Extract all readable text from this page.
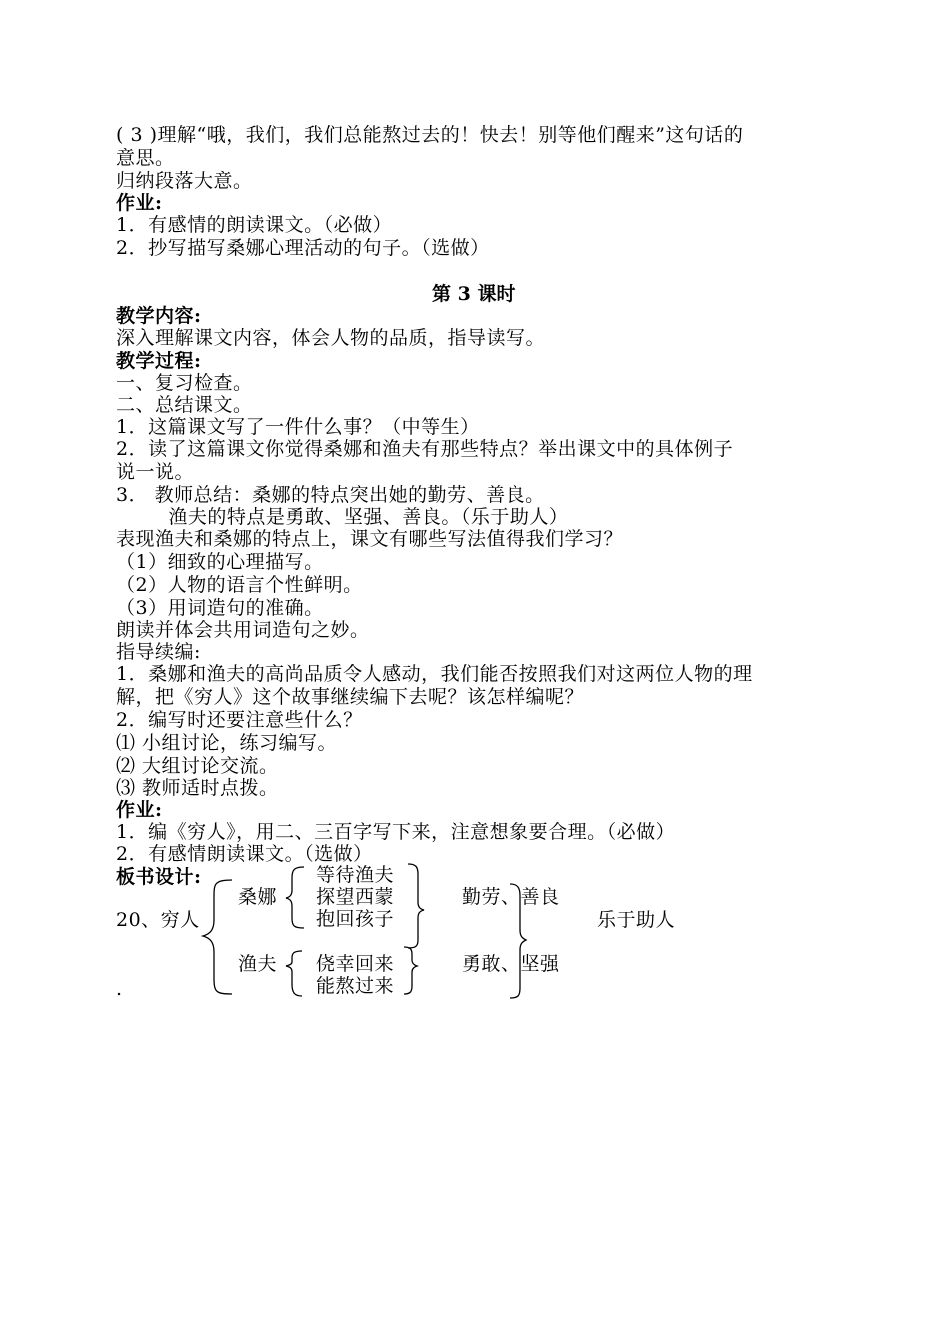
( 3 )理解“哦，我们，我们总能熬过去的！快去！别等他们醒来”这句话的
意思。
归纳段落大意。
作业:
1．有感情的朗读课文。（必做）
2．抄写描写桑娜心理活动的句子。（选做）
第 3 课时
教学内容:
深入理解课文内容，体会人物的品质，指导读写。
教学过程:
一、复习检查。
二、总结课文。
1．这篇课文写了一件什么事？（中等生）
2．读了这篇课文你觉得桑娜和渔夫有那些特点？举出课文中的具体例子
说一说。
3． 教师总结：桑娜的特点突出她的勤劳、善良。
渔夫的特点是勇敢、坚强、善良。（乐于助人）
表现渔夫和桑娜的特点上，课文有哪些写法值得我们学习？
（1）细致的心理描写。
（2）人物的语言个性鲜明。
（3）用词造句的准确。
朗读并体会共用词造句之妙。
指导续编:
1．桑娜和渔夫的高尚品质令人感动，我们能否按照我们对这两位人物的理
解，把《穷人》这个故事继续编下去呢？该怎样编呢？
2．编写时还要注意些什么？
⑴ 小组讨论，练习编写。
⑵ 大组讨论交流。
⑶ 教师适时点拨。
作业:
1．编《穷人》，用二、三百字写下来，注意想象要合理。（必做）
2．有感情朗读课文。（选做）
板书设计:
20、穷人
桑娜
渔夫
等待渔夫
探望西蒙
抱回孩子
侥幸回来
能熬过来
勤劳、善良
勇敢、坚强
乐于助人
.
